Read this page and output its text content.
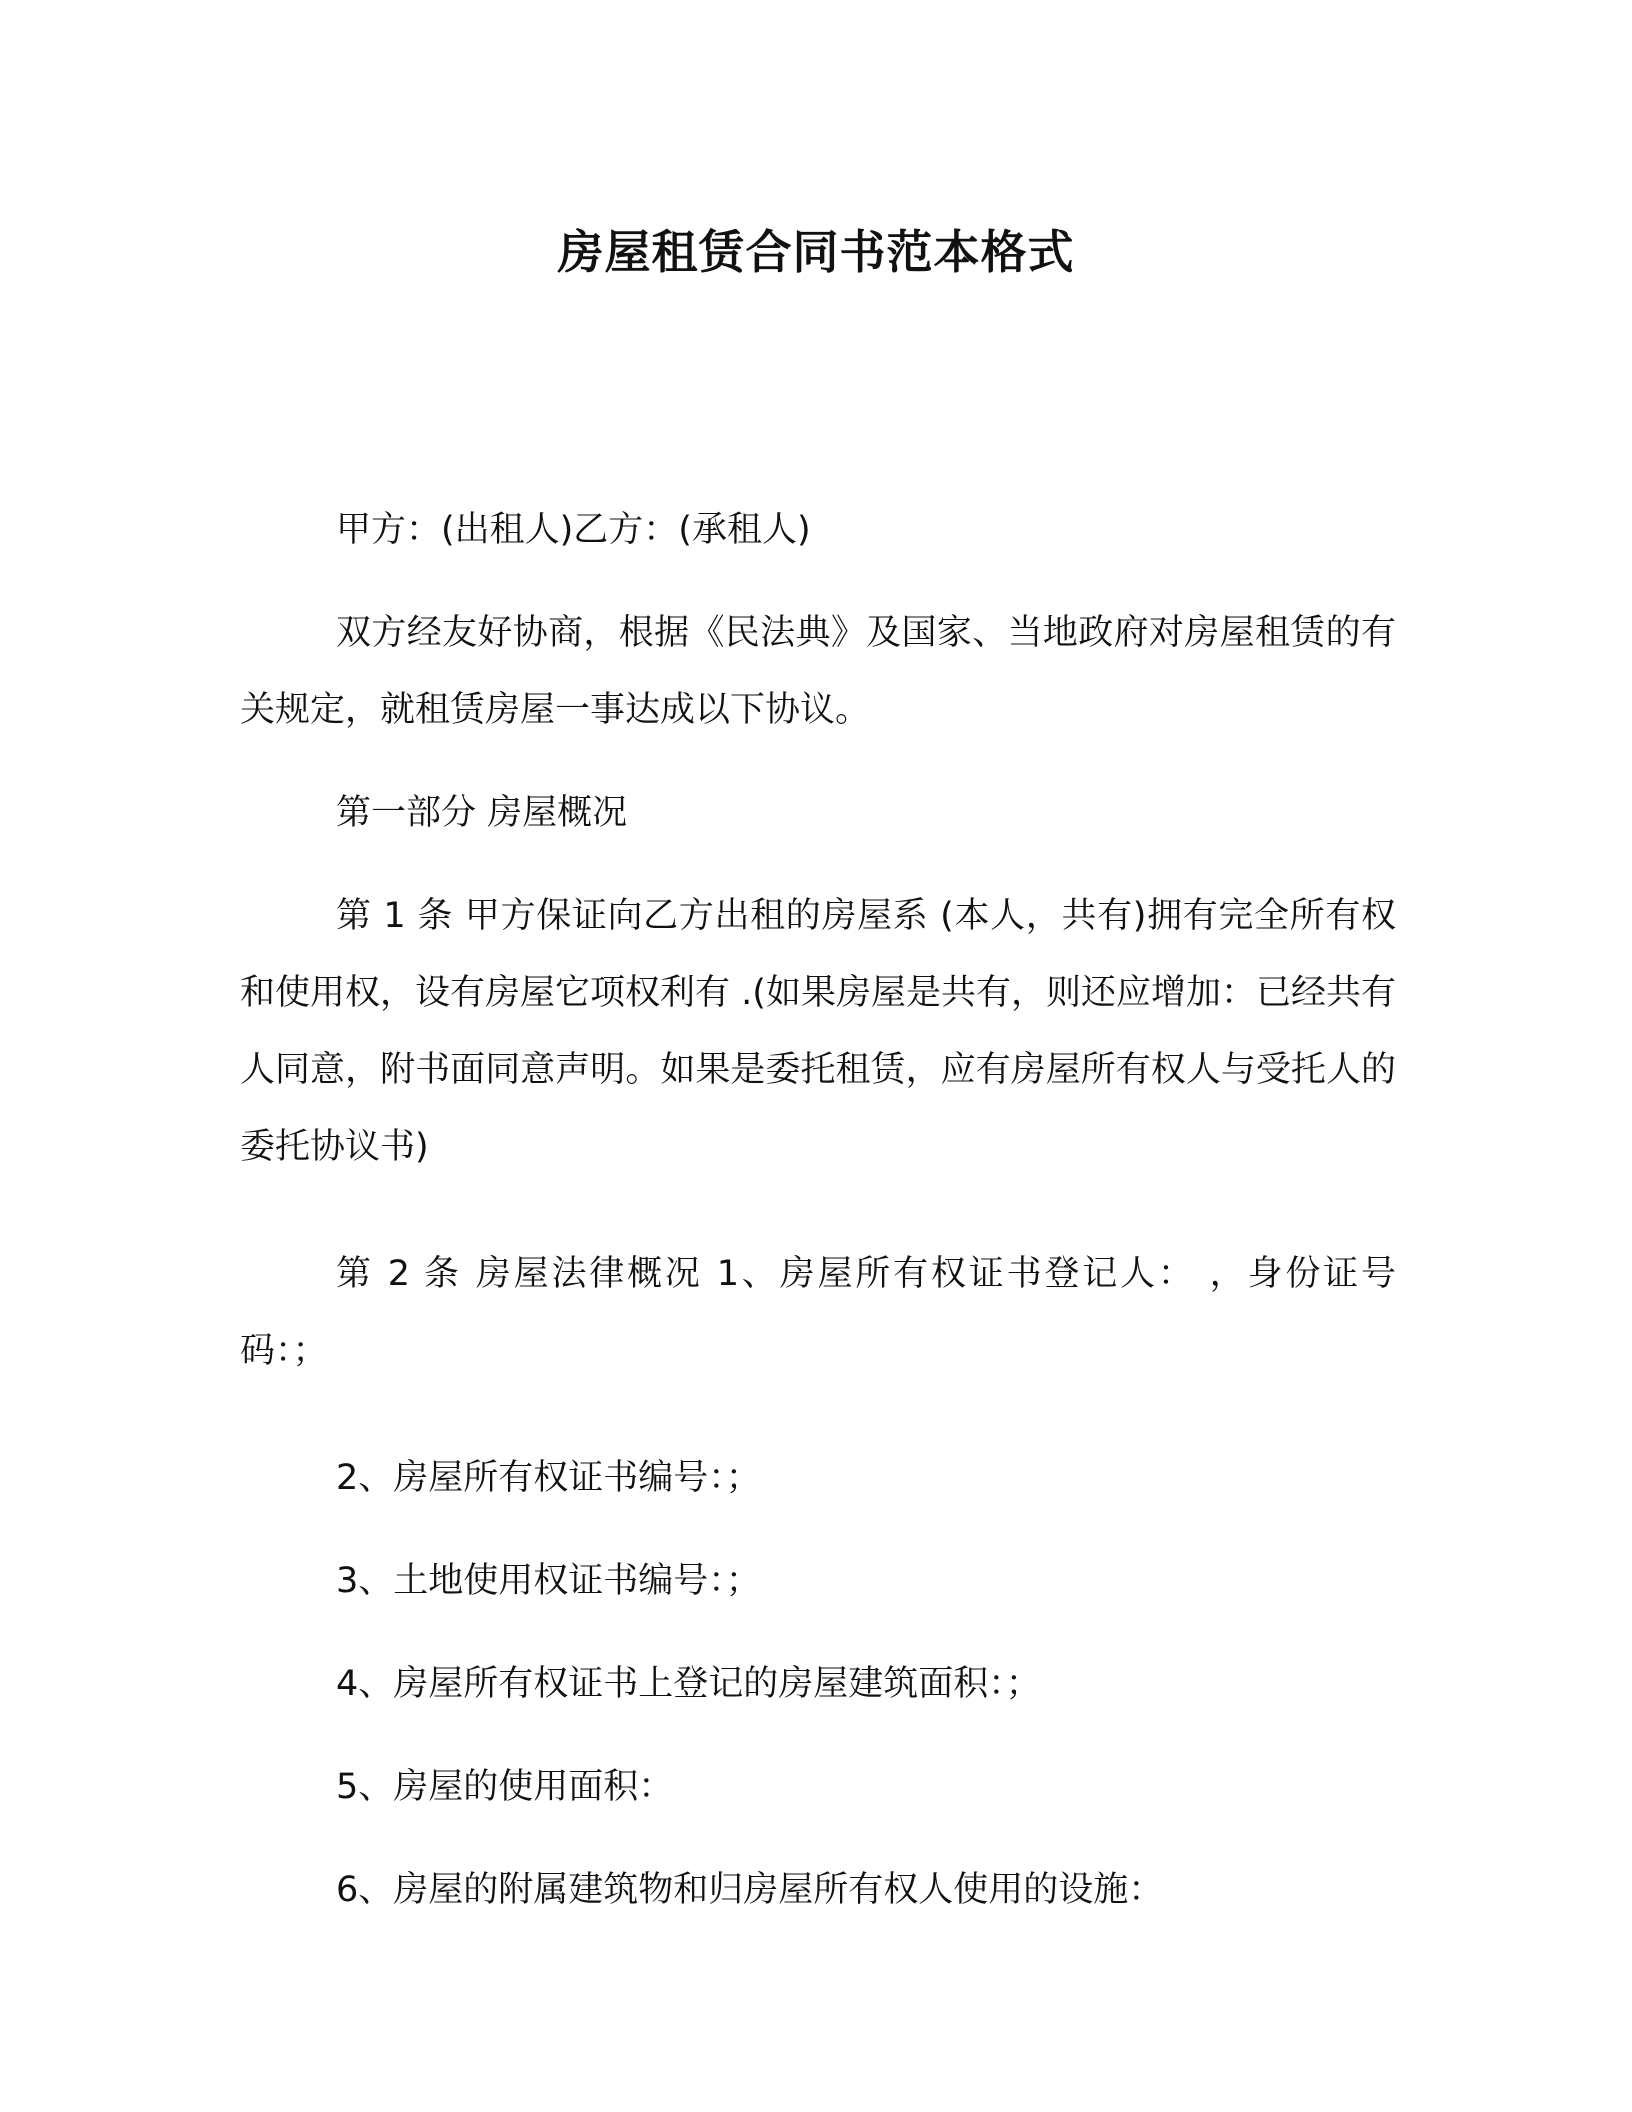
房屋租赁合同书范本格式

甲方：(出租人)乙方：(承租人)

双方经友好协商，根据《民法典》及国家、当地政府对房屋租赁的有关规定，就租赁房屋一事达成以下协议。

第一部分 房屋概况

第 1 条 甲方保证向乙方出租的房屋系 (本人，共有)拥有完全所有权和使用权，设有房屋它项权利有 .(如果房屋是共有，则还应增加：已经共有人同意，附书面同意声明。如果是委托租赁，应有房屋所有权人与受托人的委托协议书)

第 2 条 房屋法律概况 1、房屋所有权证书登记人： ，身份证号码：；

2、房屋所有权证书编号：；

3、土地使用权证书编号：；

4、房屋所有权证书上登记的房屋建筑面积：；

5、房屋的使用面积：

6、房屋的附属建筑物和归房屋所有权人使用的设施：
